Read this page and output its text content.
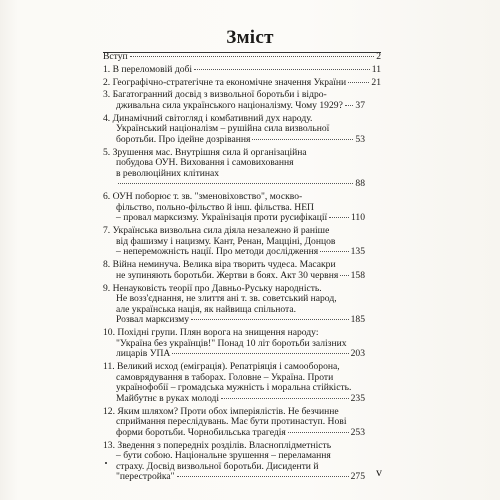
Зміст
Вступ	2
1. В переломовій добі	11
2. Географічно-стратегічне та економічне значення України	21
3. Багатогранний досвід з визвольної боротьби і відро-
дживальна сила українського націоналізму. Чому 1929? 37
4. Динамічний світогляд і комбативний дух народу.
Український націоналізм – рушійна сила визвольної
боротьби. Про ідейне дозрівання	53
5. Зрушення мас. Внутрішня сила й організаційна
побудова ОУН. Виховання і самовиховання
в революційних клітинах
88
6. ОУН поборює т. зв. "зменовіховство", москво-
фільство, польно-фільство й інш. фільства. НЕП
– провал марксизму. Українізація проти русифікації 110
7. Українська визвольна сила діяла незалежно й раніше
від фашизму і нацизму. Кант, Ренан, Мацціні, Донцов
– непереможність нації. Про методи дослідження	135
8. Війна неминуча. Велика віра творить чудеса. Масакри
не зупиняють боротьби. Жертви в боях. Акт 30 червня 158
9. Ненауковість теорії про Давньо-Руську народність.
Не возз'єднання, не злиття ані т. зв. советський народ,
але українська нація, як найвища спільнота.
Розвал марксизму	185
10. Похідні групи. Плян ворога на знищення народу:
"Україна без українців!" Понад 10 літ боротьби залізних
лицарів УПА	203
11. Великий исход (еміграція). Репатріяція і самооборона,
самоврядування в таборах. Головне – Україна. Проти
українофобії – громадська мужність і моральна стійкість.
Майбутнє в руках молоді	235
12. Яким шляхом? Проти обох імперіялістів. Не безчинне
сприймання переслідувань. Має бути протинаступ. Нові
форми боротьби. Чорнобильська трагедія	253
13. Зведення з попередніх розділів. Власноплідметність
– бути собою. Національне зрушення – переламання
страху. Досвід визвольної боротьби. Дисиденти й
"перестройка"	275 v
